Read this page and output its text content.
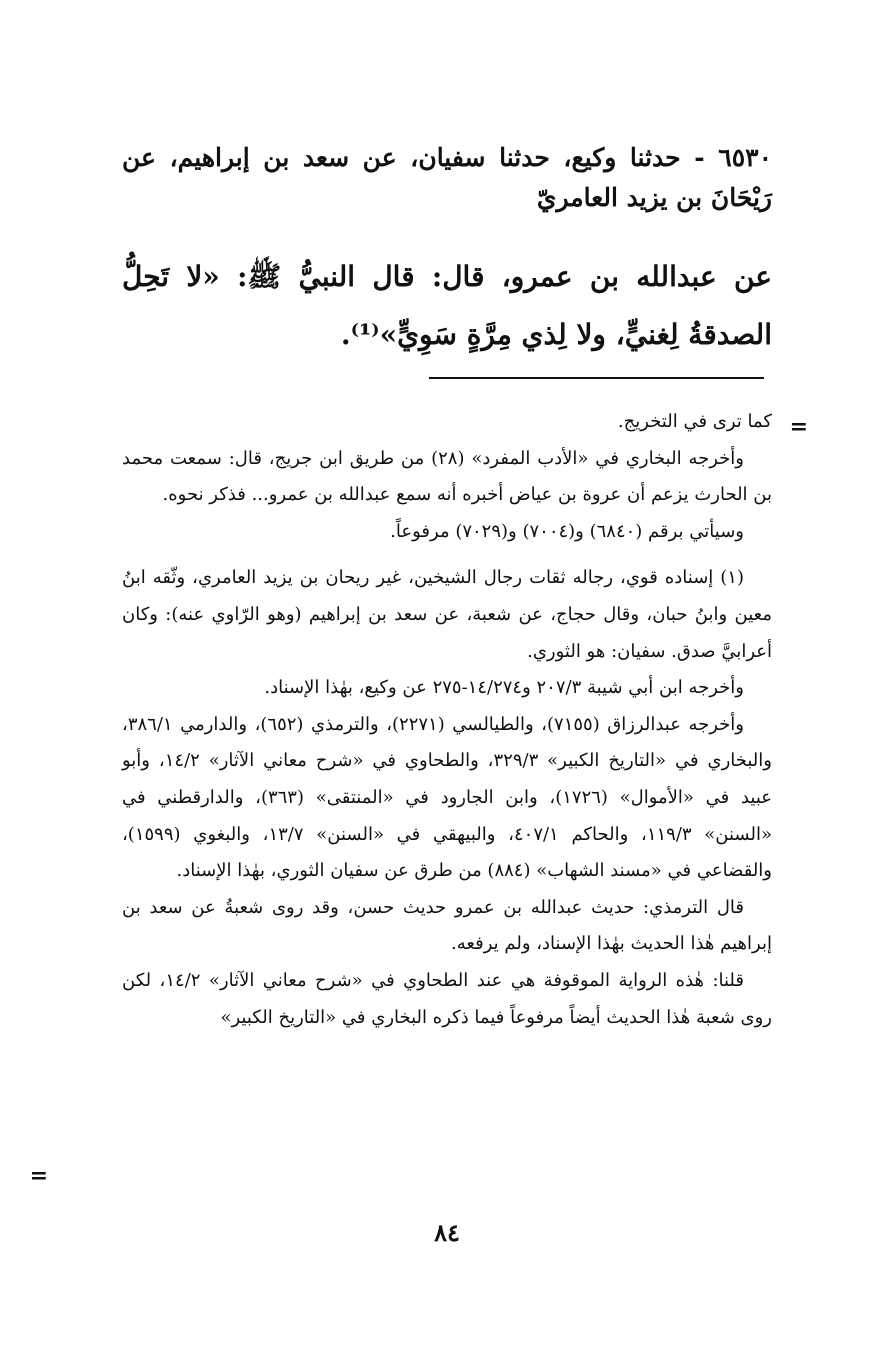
٦٥٣٠ - حدثنا وكيع، حدثنا سفيان، عن سعد بن إبراهيم، عن رَيْحَانَ بن يزيد العامريّ
عن عبدالله بن عمرو، قال: قال النبيُّ ﷺ: «لا تَحِلُّ الصدقةُ لِغنيٍّ، ولا لِذي مِرَّةٍ سَوِيٍّ»⁽¹⁾.
=

كما ترى في التخريج.

وأخرجه البخاري في «الأدب المفرد» (٢٨) من طريق ابن جريج، قال: سمعت محمد بن الحارث يزعم أن عروة بن عياض أخبره أنه سمع عبدالله بن عمرو... فذكر نحوه.

وسيأتي برقم (٦٨٤٠) و(٧٠٠٤) و(٧٠٢٩) مرفوعاً.

(١) إسناده قوي، رجاله ثقات رجال الشيخين، غير ريحان بن يزيد العامري، وثّقه ابنُ معين وابنُ حبان، وقال حجاج، عن شعبة، عن سعد بن إبراهيم (وهو الرّاوي عنه): وكان أعرابيَّ صدق. سفيان: هو الثوري.

وأخرجه ابن أبي شيبة ٢٠٧/٣ و١٤/٢٧٤-٢٧٥ عن وكيع، بهٰذا الإسناد.

وأخرجه عبدالرزاق (٧١٥٥)، والطيالسي (٢٢٧١)، والترمذي (٦٥٢)، والدارمي ٣٨٦/١، والبخاري في «التاريخ الكبير» ٣٢٩/٣، والطحاوي في «شرح معاني الآثار» ١٤/٢، وأبو عبيد في «الأموال» (١٧٢٦)، وابن الجارود في «المنتقى» (٣٦٣)، والدارقطني في «السنن» ١١٩/٣، والحاكم ٤٠٧/١، والبيهقي في «السنن» ١٣/٧، والبغوي (١٥٩٩)، والقضاعي في «مسند الشهاب» (٨٨٤) من طرق عن سفيان الثوري، بهٰذا الإسناد.

قال الترمذي: حديث عبدالله بن عمرو حديث حسن، وقد روى شعبةُ عن سعد بن إبراهيم هٰذا الحديث بهٰذا الإسناد، ولم يرفعه.

قلنا: هٰذه الرواية الموقوفة هي عند الطحاوي في «شرح معاني الآثار» ١٤/٢، لكن روى شعبة هٰذا الحديث أيضاً مرفوعاً فيما ذكره البخاري في «التاريخ الكبير»

=
٨٤
